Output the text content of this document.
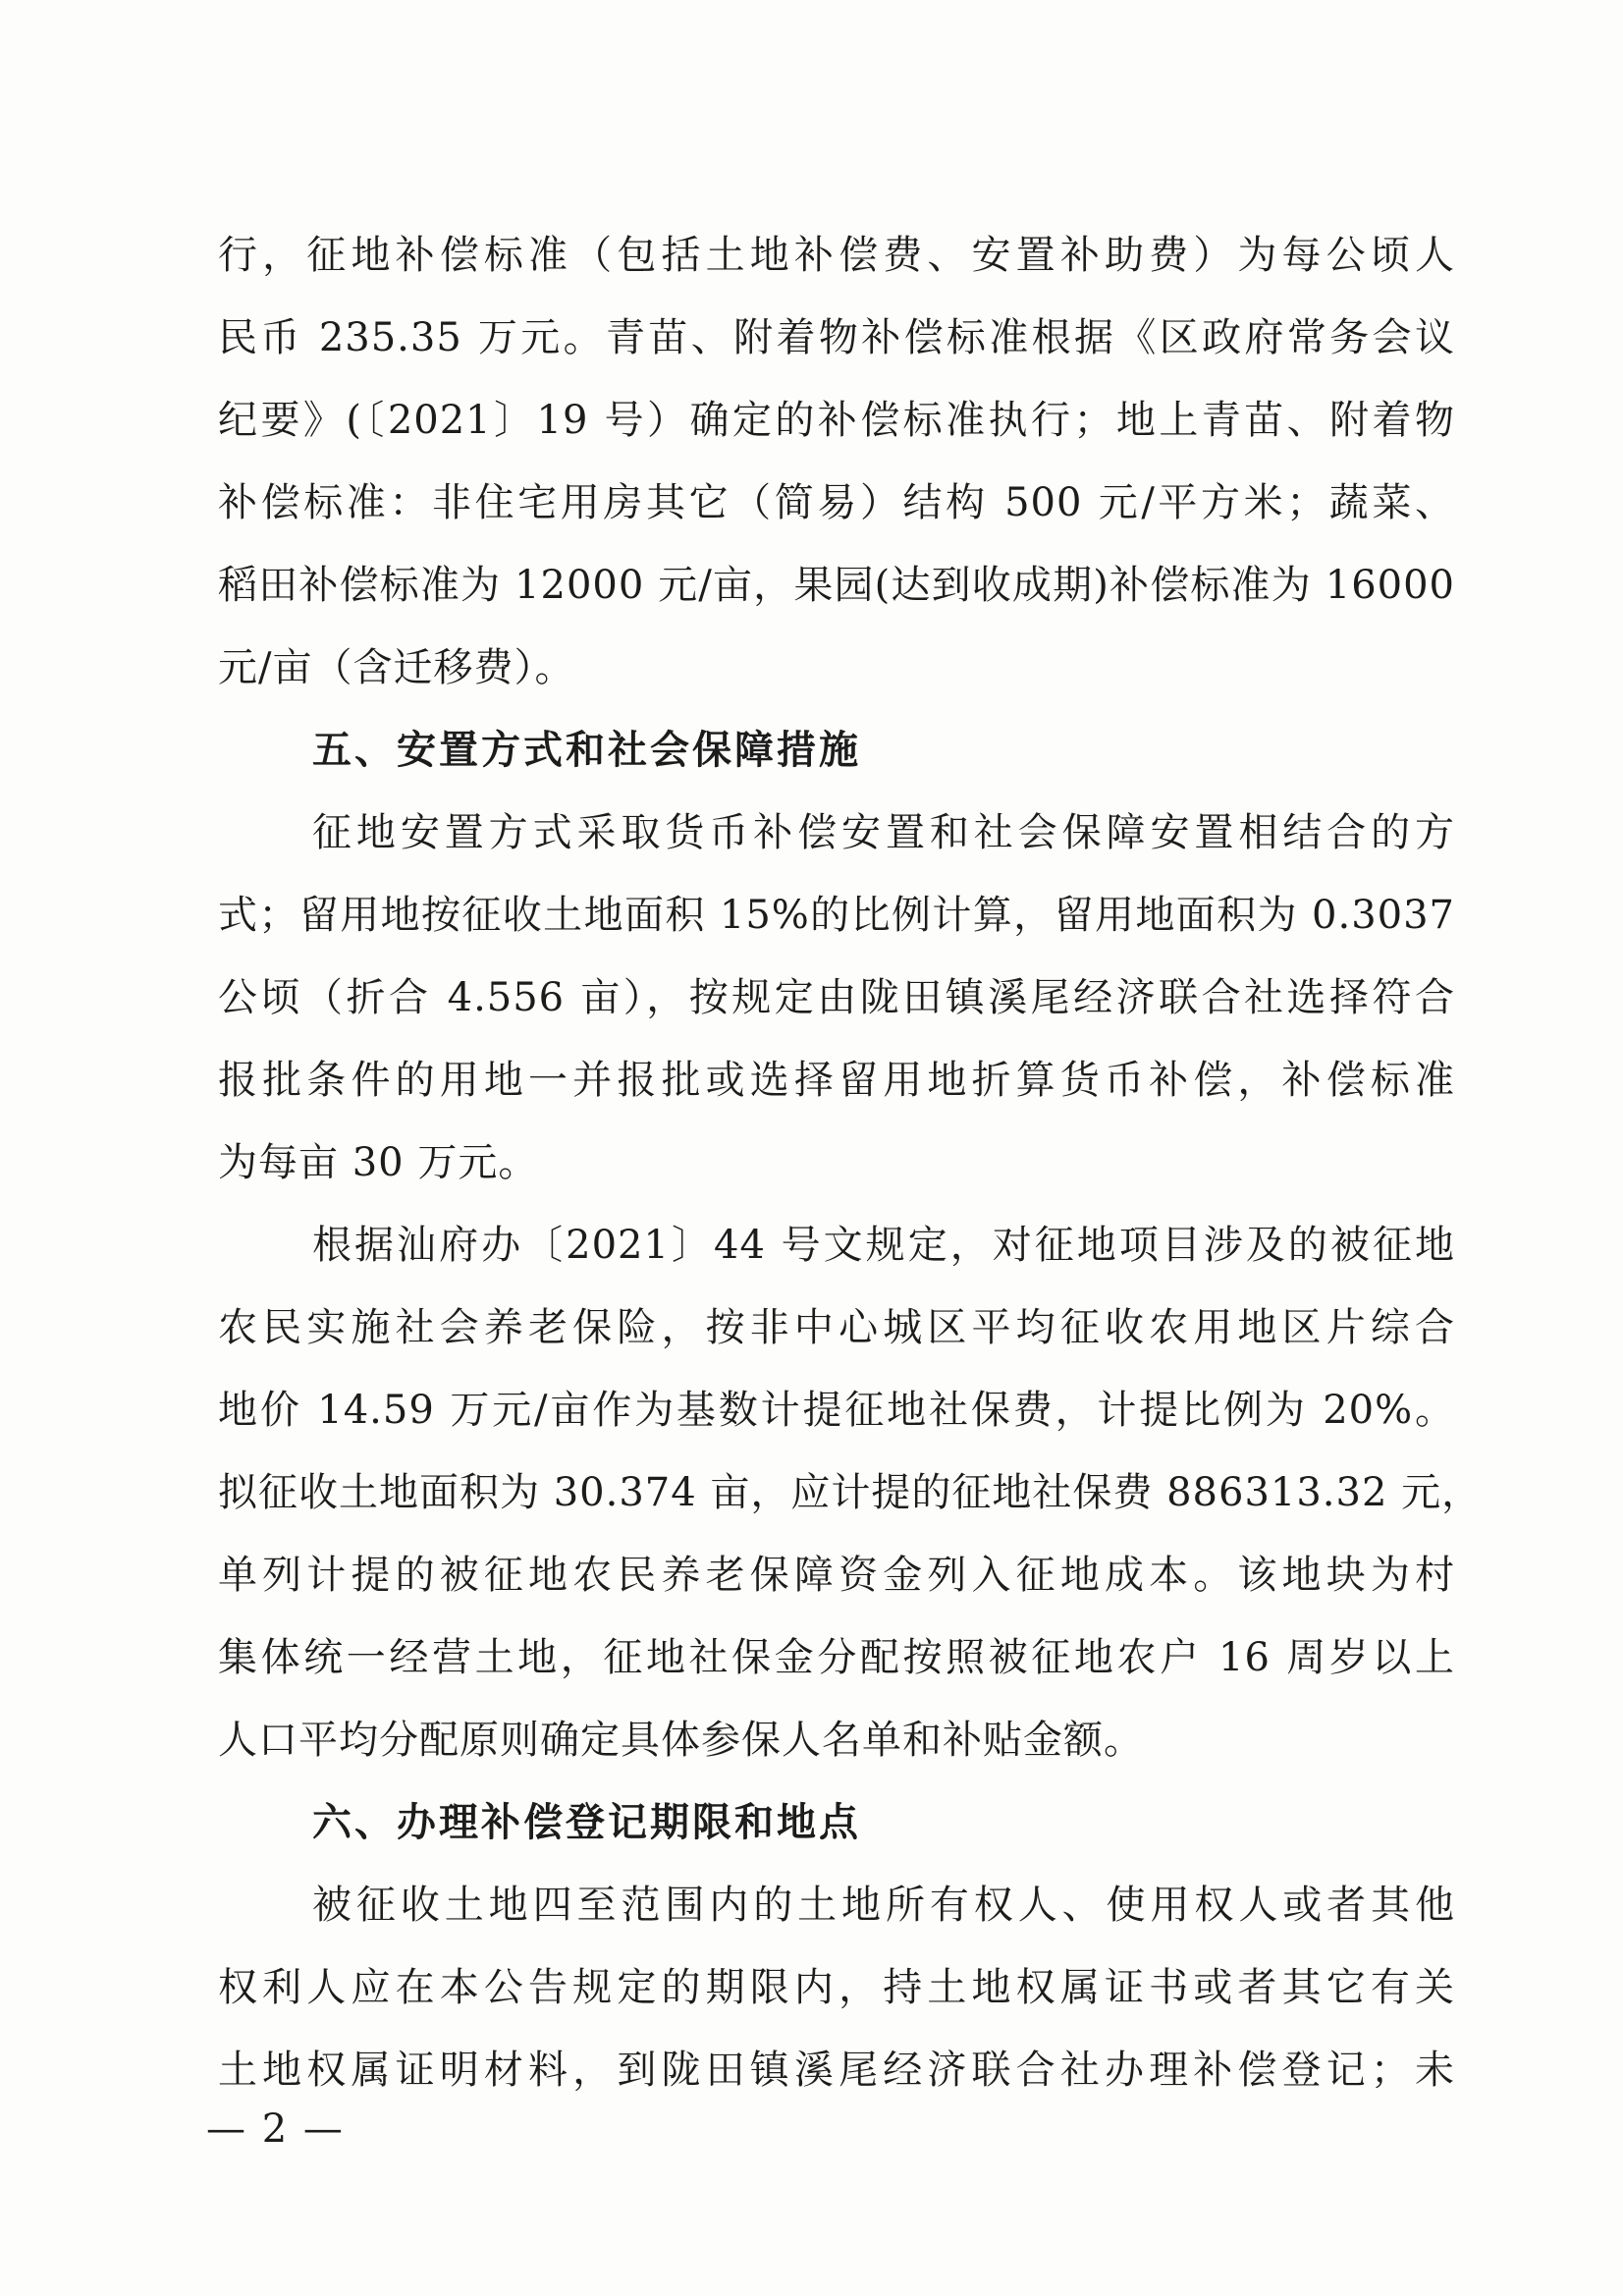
行，征地补偿标准（包括土地补偿费、安置补助费）为每公顷人
民币 235.35 万元。青苗、附着物补偿标准根据《区政府常务会议
纪要》(〔2021〕19 号）确定的补偿标准执行；地上青苗、附着物
补偿标准：非住宅用房其它（简易）结构 500 元/平方米；蔬菜、
稻田补偿标准为 12000 元/亩，果园(达到收成期)补偿标准为 16000
元/亩（含迁移费）。
五、安置方式和社会保障措施
征地安置方式采取货币补偿安置和社会保障安置相结合的方
式；留用地按征收土地面积 15%的比例计算，留用地面积为 0.3037
公顷（折合 4.556 亩），按规定由陇田镇溪尾经济联合社选择符合
报批条件的用地一并报批或选择留用地折算货币补偿，补偿标准
为每亩 30 万元。
根据汕府办〔2021〕44 号文规定，对征地项目涉及的被征地
农民实施社会养老保险，按非中心城区平均征收农用地区片综合
地价 14.59 万元/亩作为基数计提征地社保费，计提比例为 20%。
拟征收土地面积为 30.374 亩，应计提的征地社保费 886313.32 元，
单列计提的被征地农民养老保障资金列入征地成本。该地块为村
集体统一经营土地，征地社保金分配按照被征地农户 16 周岁以上
人口平均分配原则确定具体参保人名单和补贴金额。
六、办理补偿登记期限和地点
被征收土地四至范围内的土地所有权人、使用权人或者其他
权利人应在本公告规定的期限内，持土地权属证书或者其它有关
土地权属证明材料，到陇田镇溪尾经济联合社办理补偿登记；未
— 2 —
